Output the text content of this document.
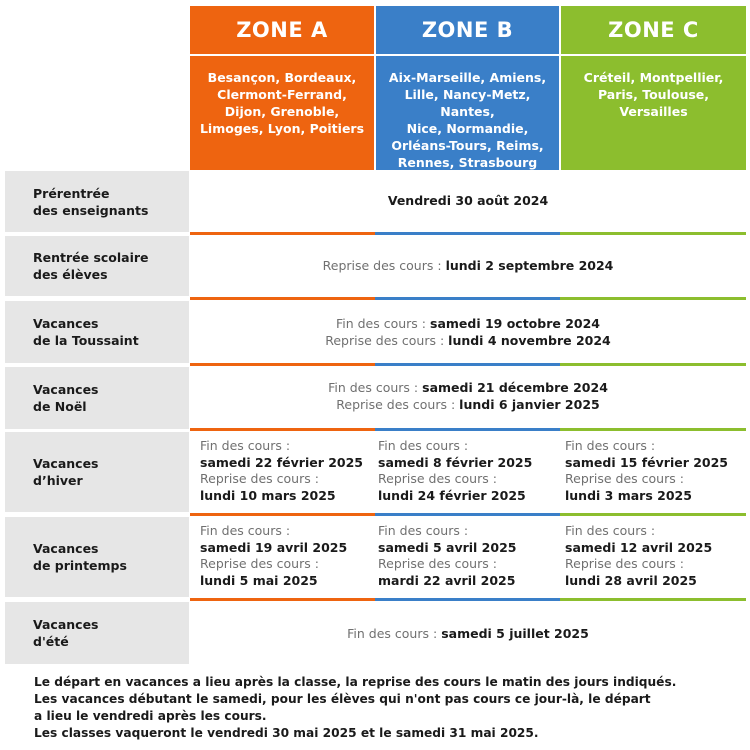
ZONE A	ZONE B	ZONE C
Besançon, Bordeaux,
Clermont-Ferrand,
Dijon, Grenoble,
Limoges, Lyon, Poitiers
Aix-Marseille, Amiens,
Lille, Nancy-Metz, Nantes,
Nice, Normandie,
Orléans-Tours, Reims,
Rennes, Strasbourg
Créteil, Montpellier,
Paris, Toulouse,
Versailles
Prérentrée
des enseignants
Vendredi 30 août 2024
Rentrée scolaire
des élèves
Reprise des cours : lundi 2 septembre 2024
Vacances
de la Toussaint
Fin des cours : samedi 19 octobre 2024
Reprise des cours : lundi 4 novembre 2024
Vacances
de Noël
Fin des cours : samedi 21 décembre 2024
Reprise des cours : lundi 6 janvier 2025
Vacances
d’hiver
Fin des cours :
samedi 22 février 2025
Reprise des cours :
lundi 10 mars 2025
Fin des cours :
samedi 8 février 2025
Reprise des cours :
lundi 24 février 2025
Fin des cours :
samedi 15 février 2025
Reprise des cours :
lundi 3 mars 2025
Vacances
de printemps
Fin des cours :
samedi 19 avril 2025
Reprise des cours :
lundi 5 mai 2025
Fin des cours :
samedi 5 avril 2025
Reprise des cours :
mardi 22 avril 2025
Fin des cours :
samedi 12 avril 2025
Reprise des cours :
lundi 28 avril 2025
Vacances
d'été
Fin des cours : samedi 5 juillet 2025
Le départ en vacances a lieu après la classe, la reprise des cours le matin des jours indiqués.
Les vacances débutant le samedi, pour les élèves qui n'ont pas cours ce jour-là, le départ
a lieu le vendredi après les cours.
Les classes vaqueront le vendredi 30 mai 2025 et le samedi 31 mai 2025.
